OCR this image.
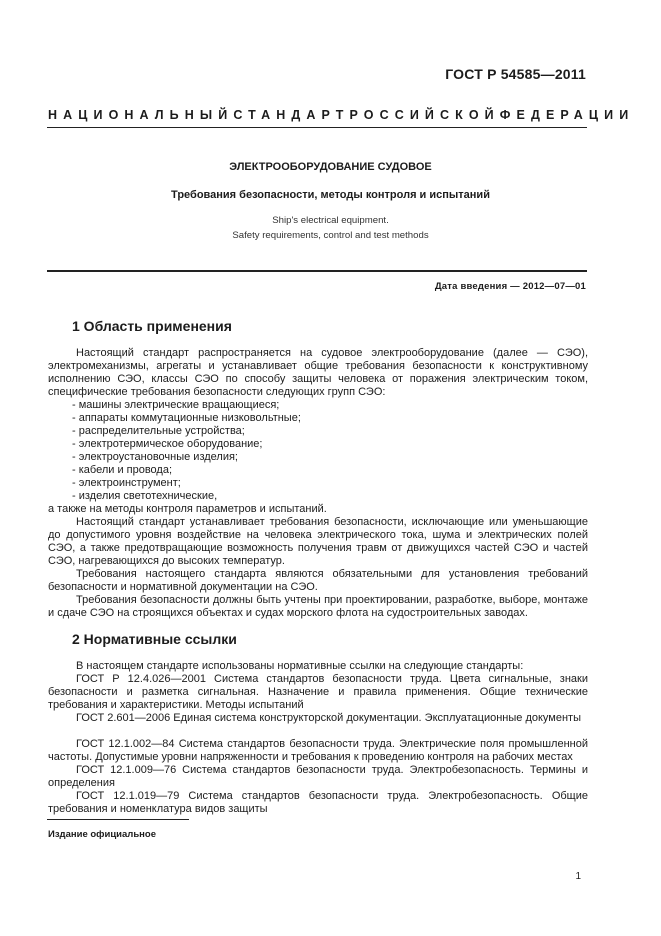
ГОСТ Р 54585—2011
НАЦИОНАЛЬНЫЙ СТАНДАРТ РОССИЙСКОЙ ФЕДЕРАЦИИ
ЭЛЕКТРООБОРУДОВАНИЕ СУДОВОЕ
Требования безопасности, методы контроля и испытаний
Ship's electrical equipment.
Safety requirements, control and test methods
Дата введения — 2012—07—01
1 Область применения
Настоящий стандарт распространяется на судовое электрооборудование (далее — СЭО), электромеханизмы, агрегаты и устанавливает общие требования безопасности к конструктивному исполнению СЭО, классы СЭО по способу защиты человека от поражения электрическим током, специфические требования безопасности следующих групп СЭО:
- машины электрические вращающиеся;
- аппараты коммутационные низковольтные;
- распределительные устройства;
- электротермическое оборудование;
- электроустановочные изделия;
- кабели и провода;
- электроинструмент;
- изделия светотехнические,
а также на методы контроля параметров и испытаний.
Настоящий стандарт устанавливает требования безопасности, исключающие или уменьшающие до допустимого уровня воздействие на человека электрического тока, шума и электрических полей СЭО, а также предотвращающие возможность получения травм от движущихся частей СЭО и частей СЭО, нагревающихся до высоких температур.
Требования настоящего стандарта являются обязательными для установления требований безопасности и нормативной документации на СЭО.
Требования безопасности должны быть учтены при проектировании, разработке, выборе, монтаже и сдаче СЭО на строящихся объектах и судах морского флота на судостроительных заводах.
2 Нормативные ссылки
В настоящем стандарте использованы нормативные ссылки на следующие стандарты:
ГОСТ Р 12.4.026—2001 Система стандартов безопасности труда. Цвета сигнальные, знаки безопасности и разметка сигнальная. Назначение и правила применения. Общие технические требования и характеристики. Методы испытаний
ГОСТ 2.601—2006 Единая система конструкторской документации. Эксплуатационные документы
ГОСТ 12.1.002—84 Система стандартов безопасности труда. Электрические поля промышленной частоты. Допустимые уровни напряженности и требования к проведению контроля на рабочих местах
ГОСТ 12.1.009—76 Система стандартов безопасности труда. Электробезопасность. Термины и определения
ГОСТ 12.1.019—79 Система стандартов безопасности труда. Электробезопасность. Общие требования и номенклатура видов защиты
Издание официальное
1
